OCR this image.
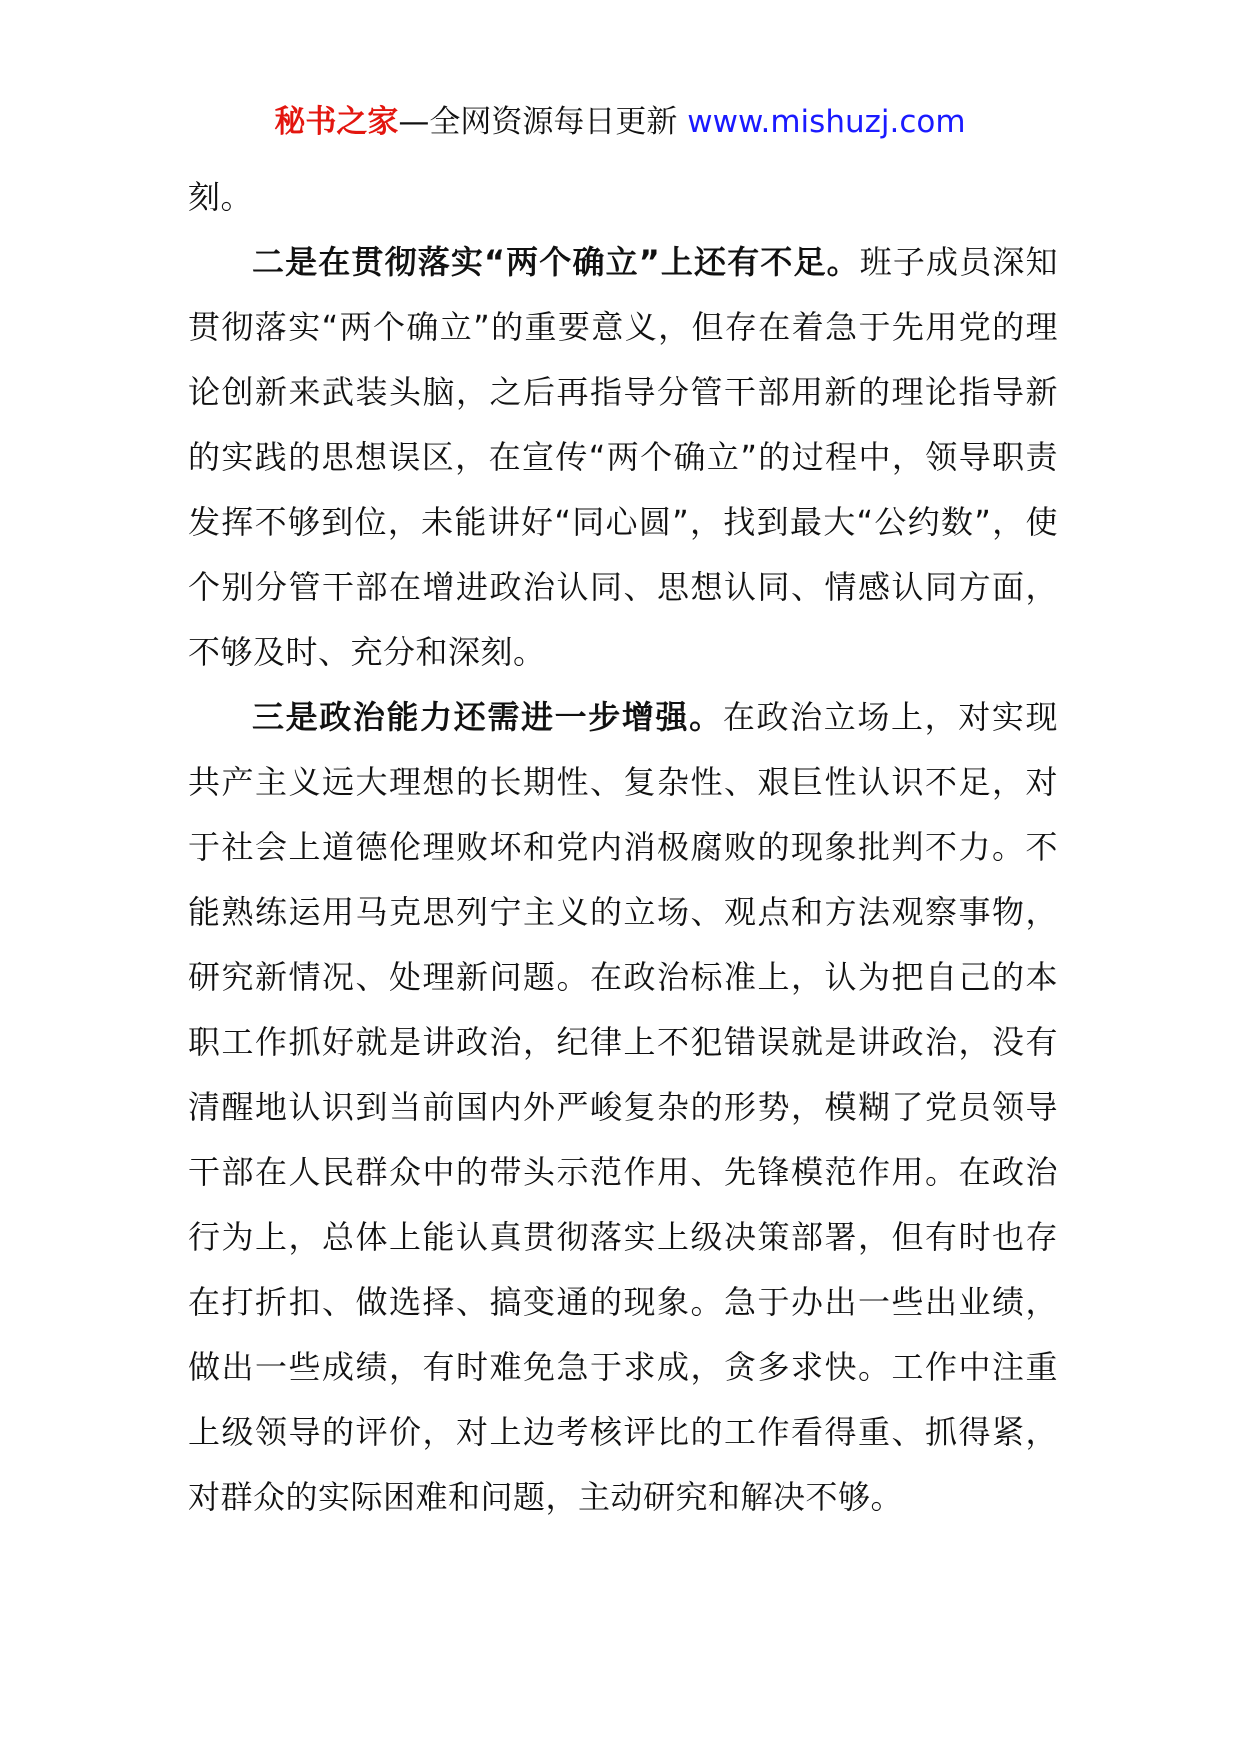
秘书之家—全网资源每日更新 www.mishuzj.com

刻。

二是在贯彻落实“两个确立”上还有不足。班子成员深知贯彻落实“两个确立”的重要意义，但存在着急于先用党的理论创新来武装头脑，之后再指导分管干部用新的理论指导新的实践的思想误区，在宣传“两个确立”的过程中，领导职责发挥不够到位，未能讲好“同心圆”，找到最大“公约数”，使个别分管干部在增进政治认同、思想认同、情感认同方面，不够及时、充分和深刻。

三是政治能力还需进一步增强。在政治立场上，对实现共产主义远大理想的长期性、复杂性、艰巨性认识不足，对于社会上道德伦理败坏和党内消极腐败的现象批判不力。不能熟练运用马克思列宁主义的立场、观点和方法观察事物，研究新情况、处理新问题。在政治标准上，认为把自己的本职工作抓好就是讲政治，纪律上不犯错误就是讲政治，没有清醒地认识到当前国内外严峻复杂的形势，模糊了党员领导干部在人民群众中的带头示范作用、先锋模范作用。在政治行为上，总体上能认真贯彻落实上级决策部署，但有时也存在打折扣、做选择、搞变通的现象。急于办出一些出业绩，做出一些成绩，有时难免急于求成，贪多求快。工作中注重上级领导的评价，对上边考核评比的工作看得重、抓得紧，对群众的实际困难和问题，主动研究和解决不够。
